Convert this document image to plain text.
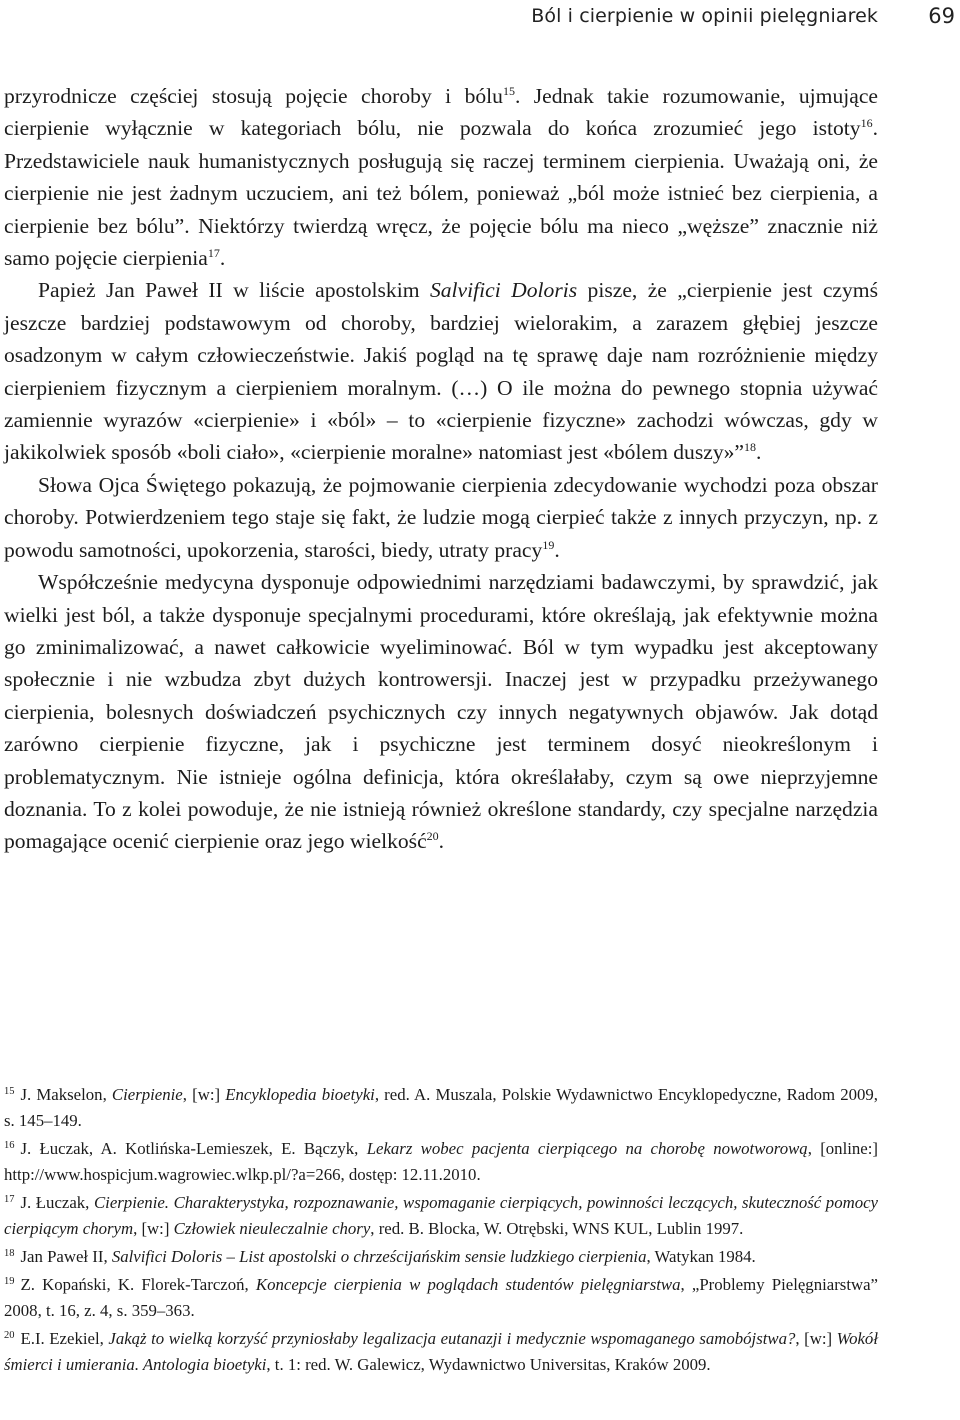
Ból i cierpienie w opinii pielęgniarek 69

przyrodnicze częściej stosują pojęcie choroby i bólu$^{15}$. Jednak takie rozumowanie, ujmujące cierpienie wyłącznie w kategoriach bólu, nie pozwala do końca zrozumieć jego istoty$^{16}$. Przedstawiciele nauk humanistycznych posługują się raczej terminem cierpienia. Uważają oni, że cierpienie nie jest żadnym uczuciem, ani też bólem, ponieważ „ból może istnieć bez cierpienia, a cierpienie bez bólu”. Niektórzy twierdzą wręcz, że pojęcie bólu ma nieco „węższe” znacznie niż samo pojęcie cierpienia$^{17}$.

Papież Jan Paweł II w liście apostolskim Salvifici Doloris pisze, że „cierpienie jest czymś jeszcze bardziej podstawowym od choroby, bardziej wielorakim, a zarazem głębiej jeszcze osadzonym w całym człowieczeństwie. Jakiś pogląd na tę sprawę daje nam rozróżnienie między cierpieniem fizycznym a cierpieniem moralnym. (…) O ile można do pewnego stopnia używać zamiennie wyrazów «cierpienie» i «ból» – to «cierpienie fizyczne» zachodzi wówczas, gdy w jakikolwiek sposób «boli ciało», «cierpienie moralne» natomiast jest «bólem duszy»”$^{18}$.

Słowa Ojca Świętego pokazują, że pojmowanie cierpienia zdecydowanie wychodzi poza obszar choroby. Potwierdzeniem tego staje się fakt, że ludzie mogą cierpieć także z innych przyczyn, np. z powodu samotności, upokorzenia, starości, biedy, utraty pracy$^{19}$.

Współcześnie medycyna dysponuje odpowiednimi narzędziami badawczymi, by sprawdzić, jak wielki jest ból, a także dysponuje specjalnymi procedurami, które określają, jak efektywnie można go zminimalizować, a nawet całkowicie wyeliminować. Ból w tym wypadku jest akceptowany społecznie i nie wzbudza zbyt dużych kontrowersji. Inaczej jest w przypadku przeżywanego cierpienia, bolesnych doświadczeń psychicznych czy innych negatywnych objawów. Jak dotąd zarówno cierpienie fizyczne, jak i psychiczne jest terminem dosyć nieokreślonym i problematycznym. Nie istnieje ogólna definicja, która określałaby, czym są owe nieprzyjemne doznania. To z kolei powoduje, że nie istnieją również określone standardy, czy specjalne narzędzia pomagające ocenić cierpienie oraz jego wielkość$^{20}$.

$^{15}$ J. Makselon, Cierpienie, [w:] Encyklopedia bioetyki, red. A. Muszala, Polskie Wydawnictwo Encyklopedyczne, Radom 2009, s. 145–149.

$^{16}$ J. Łuczak, A. Kotlińska-Lemieszek, E. Bączyk, Lekarz wobec pacjenta cierpiącego na chorobę nowotworową, [online:] http://www.hospicjum.wagrowiec.wlkp.pl/?a=266, dostęp: 12.11.2010.

$^{17}$ J. Łuczak, Cierpienie. Charakterystyka, rozpoznawanie, wspomaganie cierpiących, powinności leczących, skuteczność pomocy cierpiącym chorym, [w:] Człowiek nieuleczalnie chory, red. B. Blocka, W. Otrębski, WNS KUL, Lublin 1997.

$^{18}$ Jan Paweł II, Salvifici Doloris – List apostolski o chrześcijańskim sensie ludzkiego cierpienia, Watykan 1984.

$^{19}$ Z. Kopański, K. Florek-Tarczoń, Koncepcje cierpienia w poglądach studentów pielęgniarstwa, „Problemy Pielęgniarstwa” 2008, t. 16, z. 4, s. 359–363.

$^{20}$ E.I. Ezekiel, Jakąż to wielką korzyść przyniosłaby legalizacja eutanazji i medycznie wspomaganego samobójstwa?, [w:] Wokół śmierci i umierania. Antologia bioetyki, t. 1: red. W. Galewicz, Wydawnictwo Universitas, Kraków 2009.
